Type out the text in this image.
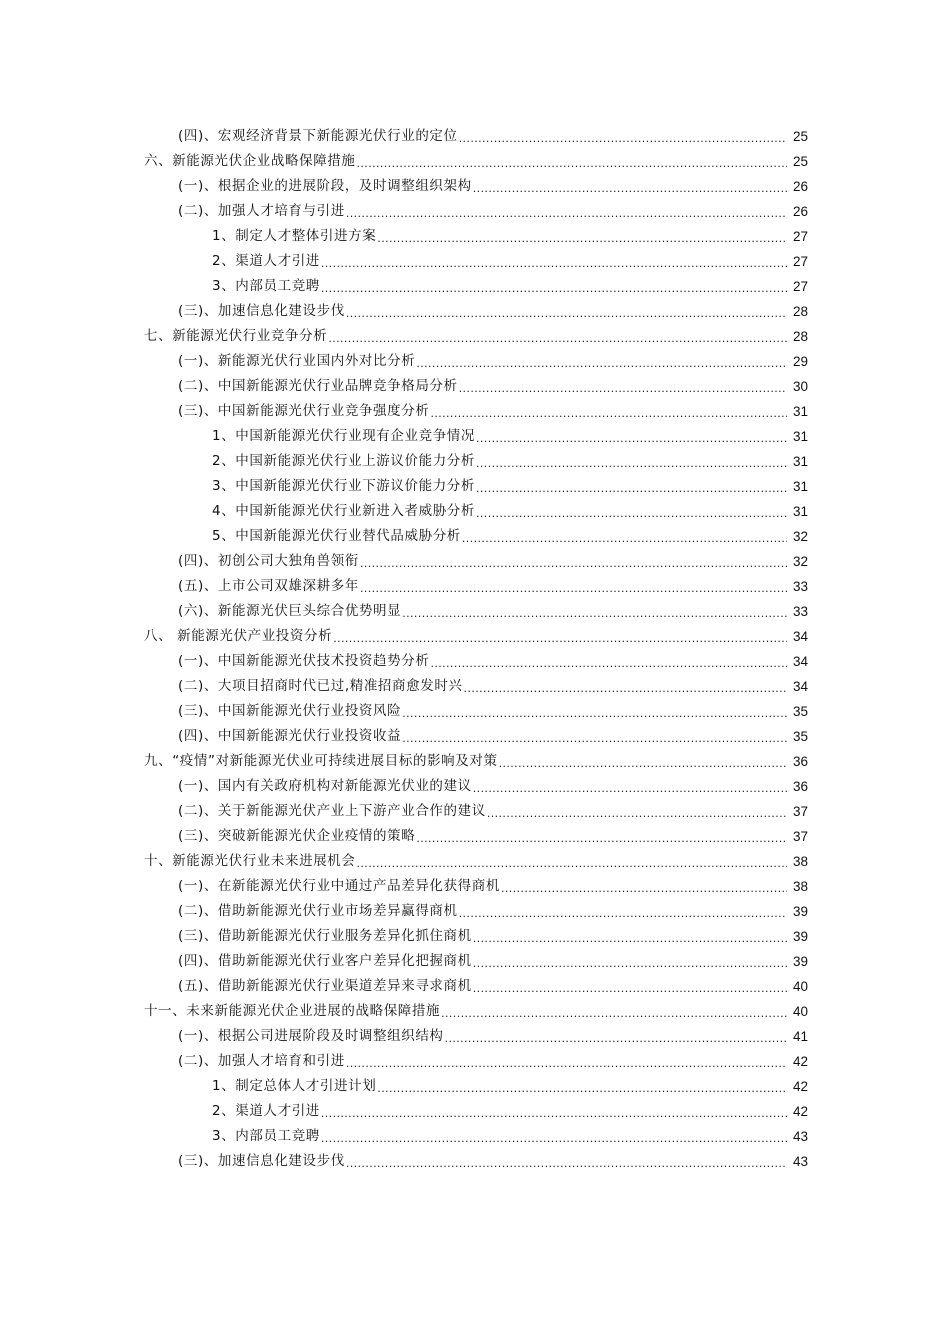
(四)、宏观经济背景下新能源光伏行业的定位 .....	25
六、新能源光伏企业战略保障措施 .....	25
(一)、根据企业的进展阶段，及时调整组织架构 .....	26
(二)、加强人才培育与引进 .....	26
1、制定人才整体引进方案 .....	27
2、渠道人才引进 .....	27
3、内部员工竞聘 .....	27
(三)、加速信息化建设步伐 .....	28
七、新能源光伏行业竞争分析 .....	28
(一)、新能源光伏行业国内外对比分析 .....	29
(二)、中国新能源光伏行业品牌竞争格局分析 .....	30
(三)、中国新能源光伏行业竞争强度分析 .....	31
1、中国新能源光伏行业现有企业竞争情况 .....	31
2、中国新能源光伏行业上游议价能力分析 .....	31
3、中国新能源光伏行业下游议价能力分析 .....	31
4、中国新能源光伏行业新进入者威胁分析 .....	31
5、中国新能源光伏行业替代品威胁分析 .....	32
(四)、初创公司大独角兽领衔 .....	32
(五)、上市公司双雄深耕多年 .....	33
(六)、新能源光伏巨头综合优势明显 .....	33
八、 新能源光伏产业投资分析 .....	34
(一)、中国新能源光伏技术投资趋势分析 .....	34
(二)、大项目招商时代已过,精准招商愈发时兴 .....	34
(三)、中国新能源光伏行业投资风险 .....	35
(四)、中国新能源光伏行业投资收益 .....	35
九、“疫情”对新能源光伏业可持续进展目标的影响及对策 .....	36
(一)、国内有关政府机构对新能源光伏业的建议 .....	36
(二)、关于新能源光伏产业上下游产业合作的建议 .....	37
(三)、突破新能源光伏企业疫情的策略 .....	37
十、新能源光伏行业未来进展机会 .....	38
(一)、在新能源光伏行业中通过产品差异化获得商机 .....	38
(二)、借助新能源光伏行业市场差异赢得商机 .....	39
(三)、借助新能源光伏行业服务差异化抓住商机 .....	39
(四)、借助新能源光伏行业客户差异化把握商机 .....	39
(五)、借助新能源光伏行业渠道差异来寻求商机 .....	40
十一、未来新能源光伏企业进展的战略保障措施 .....	40
(一)、根据公司进展阶段及时调整组织结构 .....	41
(二)、加强人才培育和引进 .....	42
1、制定总体人才引进计划 .....	42
2、渠道人才引进 .....	42
3、内部员工竞聘 .....	43
(三)、加速信息化建设步伐 .....	43
